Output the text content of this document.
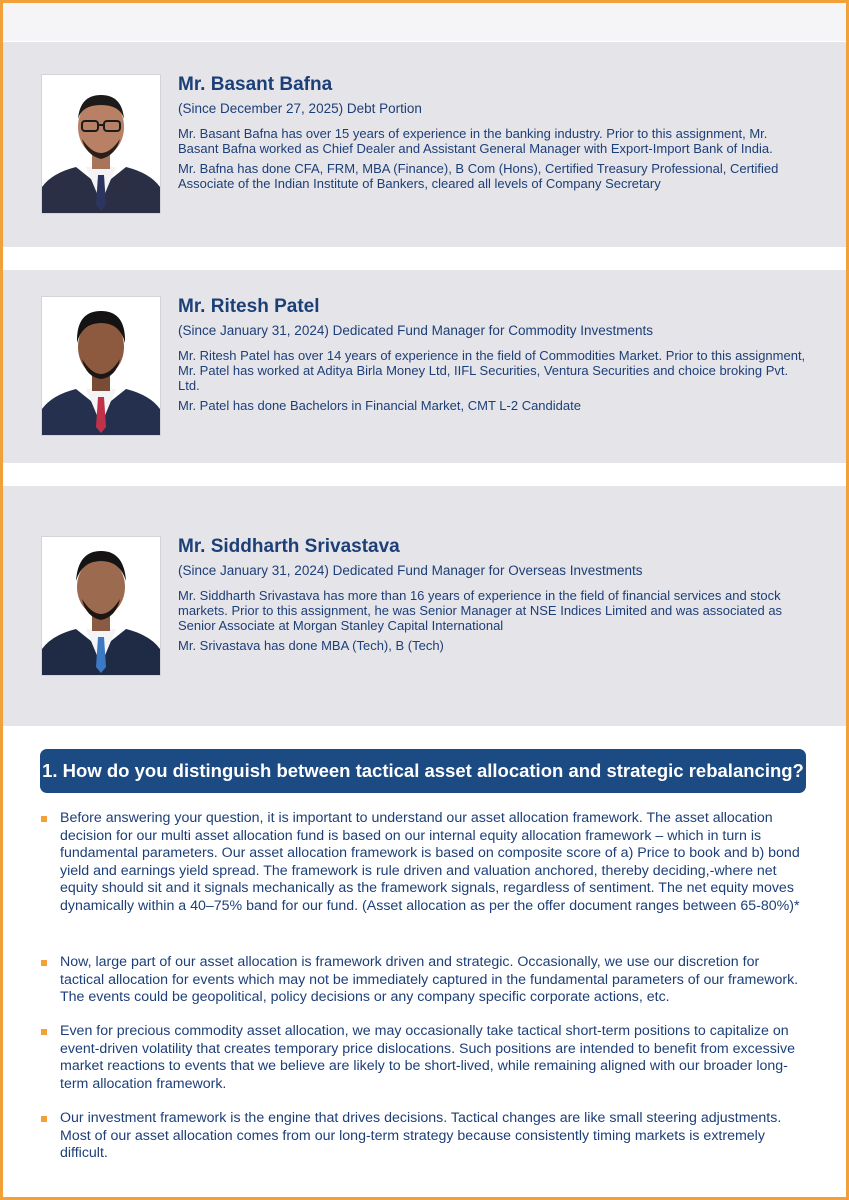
Mr. Basant Bafna
(Since December 27, 2025) Debt Portion
Mr. Basant Bafna has over 15 years of experience in the banking industry. Prior to this assignment, Mr. Basant Bafna worked as Chief Dealer and Assistant General Manager with Export-Import Bank of India.
Mr. Bafna has done CFA, FRM, MBA (Finance), B Com (Hons), Certified Treasury Professional, Certified Associate of the Indian Institute of Bankers, cleared all levels of Company Secretary
Mr. Ritesh Patel
(Since January 31, 2024) Dedicated Fund Manager for Commodity Investments
Mr. Ritesh Patel has over 14 years of experience in the field of Commodities Market. Prior to this assignment, Mr. Patel has worked at Aditya Birla Money Ltd, IIFL Securities, Ventura Securities and choice broking Pvt. Ltd.
Mr. Patel has done Bachelors in Financial Market, CMT L-2 Candidate
Mr. Siddharth Srivastava
(Since January 31, 2024) Dedicated Fund Manager for Overseas Investments
Mr. Siddharth Srivastava has more than 16 years of experience in the field of financial services and stock markets. Prior to this assignment, he was Senior Manager at NSE Indices Limited and was associated as Senior Associate at Morgan Stanley Capital International
Mr. Srivastava has done MBA (Tech), B (Tech)
1. How do you distinguish between tactical asset allocation and strategic rebalancing?
Before answering your question, it is important to understand our asset allocation framework. The asset allocation decision for our multi asset allocation fund is based on our internal equity allocation framework – which in turn is fundamental parameters. Our asset allocation framework is based on composite score of a) Price to book and b) bond yield and earnings yield spread. The framework is rule driven and valuation anchored, thereby deciding,-where net equity should sit and it signals mechanically as the framework signals, regardless of sentiment. The net equity moves dynamically within a 40–75% band for our fund. (Asset allocation as per the offer document ranges between 65-80%)*
Now, large part of our asset allocation is framework driven and strategic. Occasionally, we use our discretion for tactical allocation for events which may not be immediately captured in the fundamental parameters of our framework. The events could be geopolitical, policy decisions or any company specific corporate actions, etc.
Even for precious commodity asset allocation, we may occasionally take tactical short-term positions to capitalize on event-driven volatility that creates temporary price dislocations. Such positions are intended to benefit from excessive market reactions to events that we believe are likely to be short-lived, while remaining aligned with our broader long-term allocation framework.
Our investment framework is the engine that drives decisions. Tactical changes are like small steering adjustments. Most of our asset allocation comes from our long-term strategy because consistently timing markets is extremely difficult.
